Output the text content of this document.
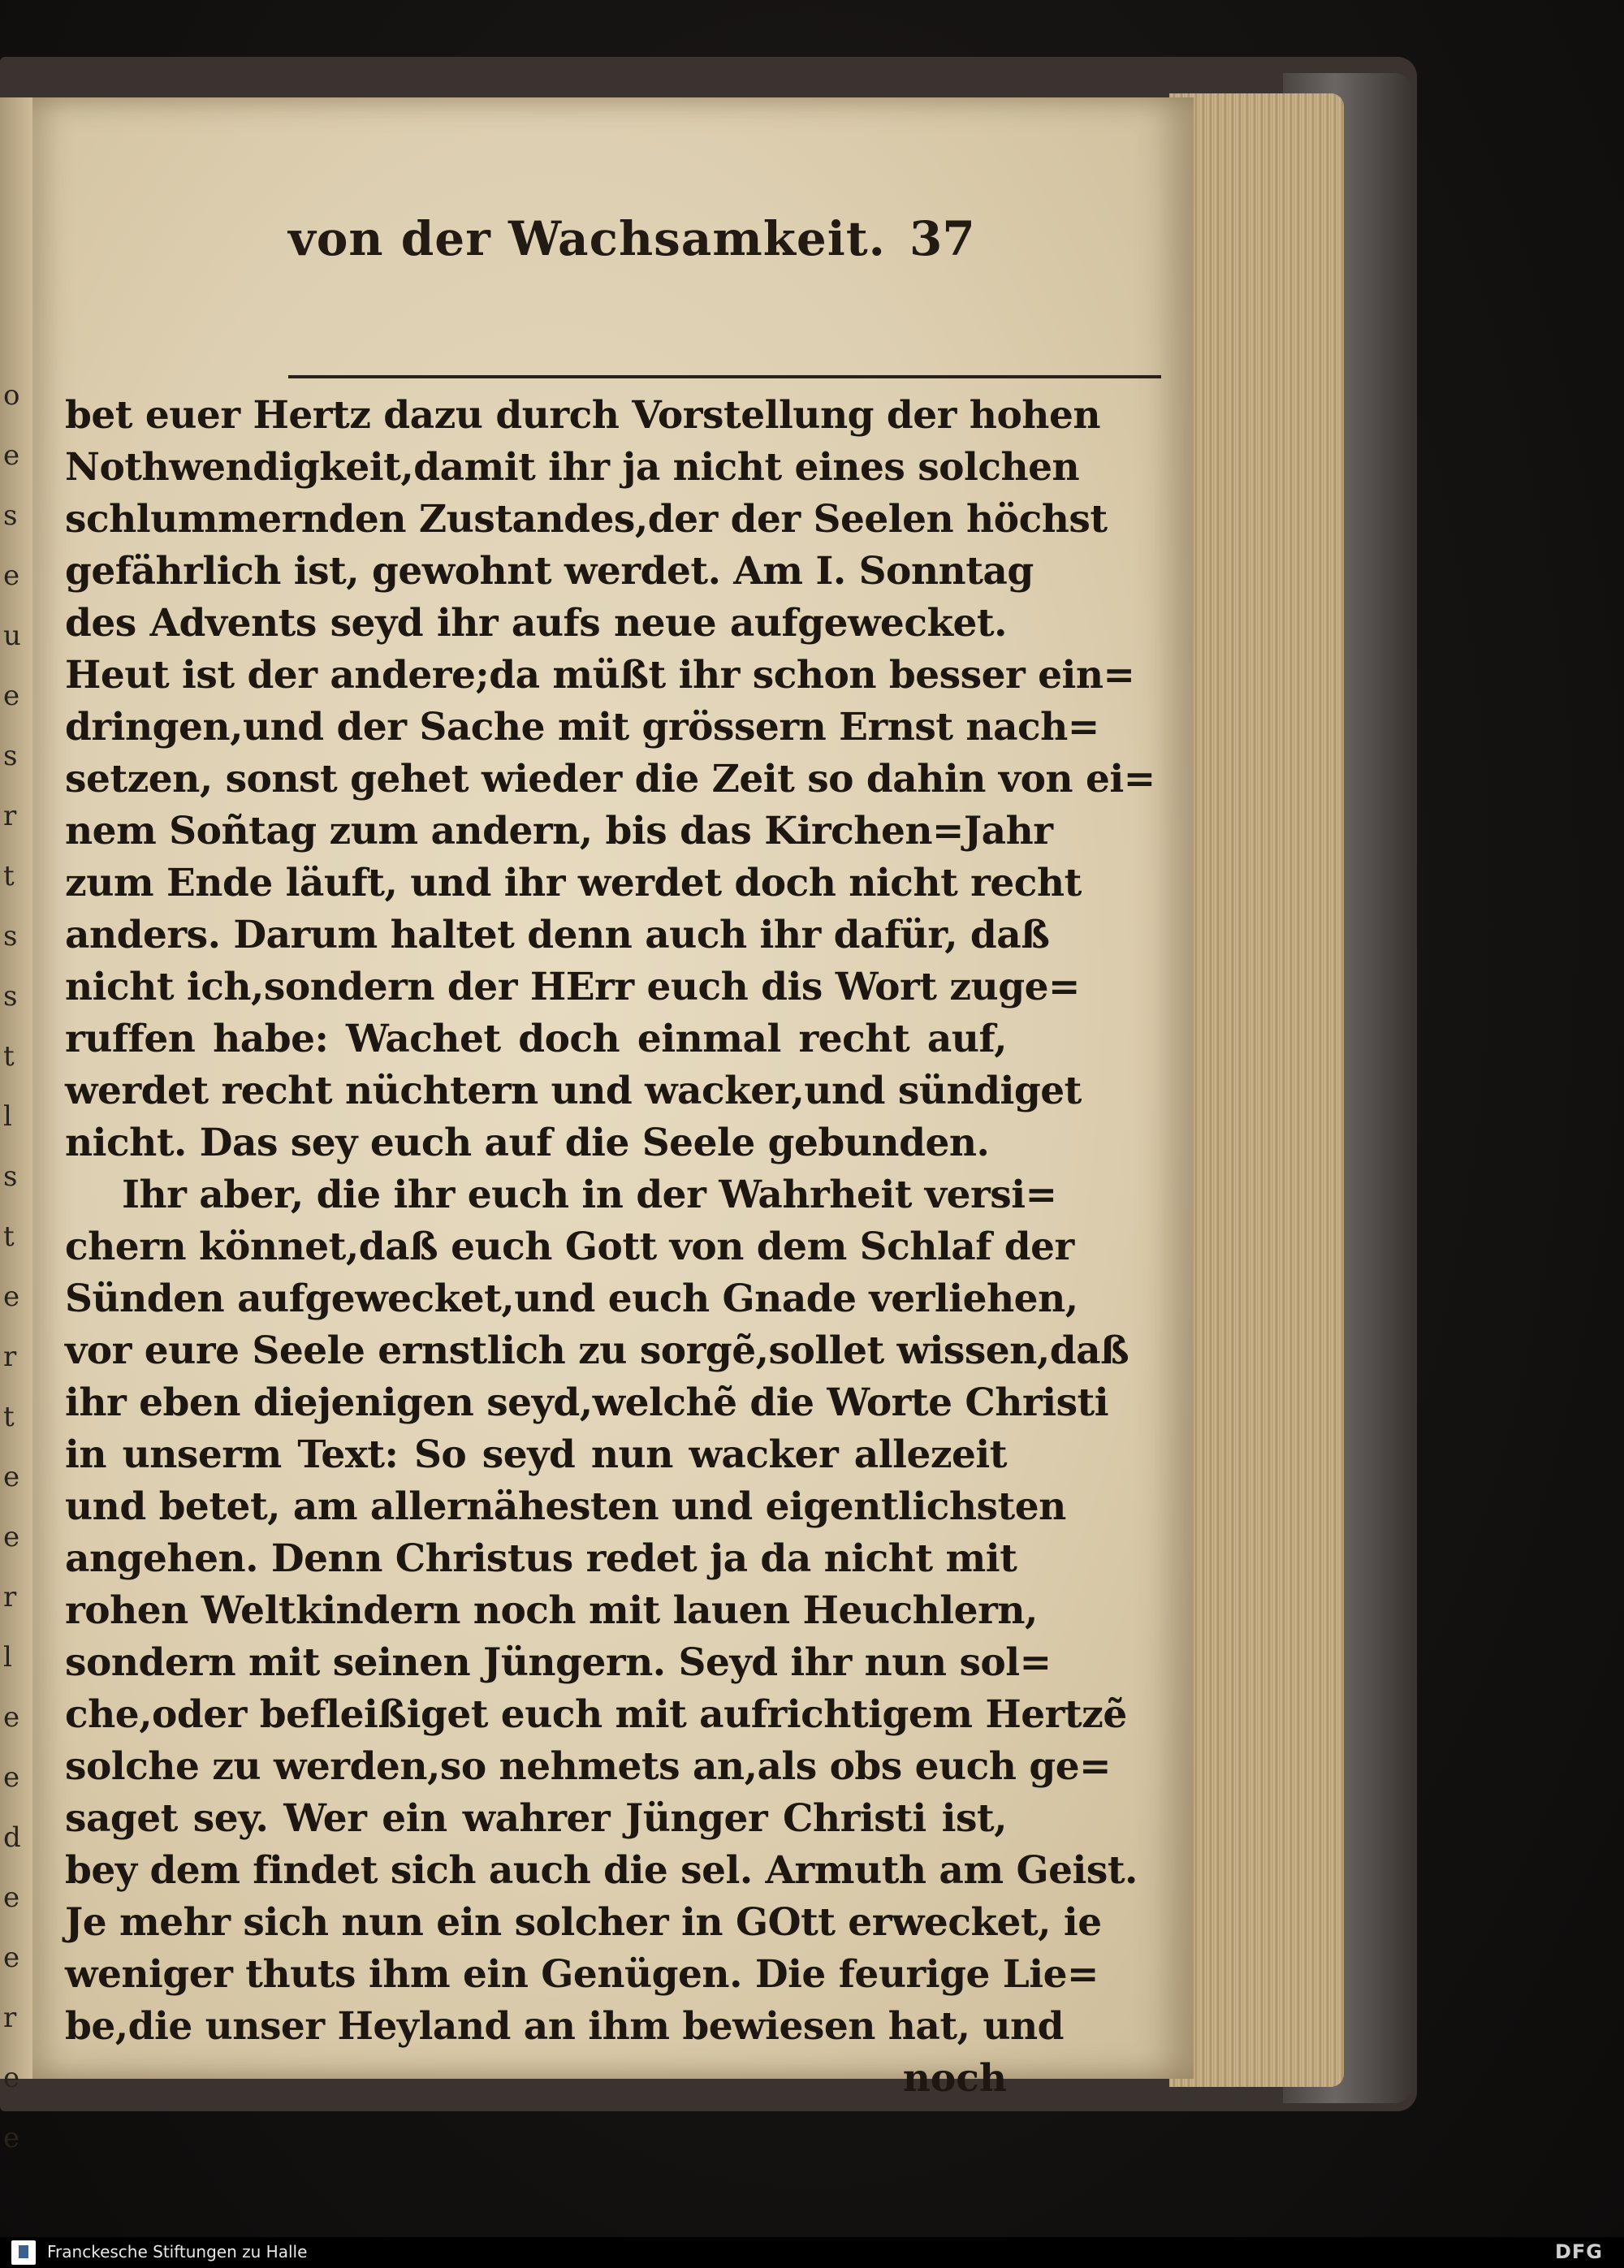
o
e
s
e
u
e
s
r
t
s
s
t
l
s
t
e
r
t
e
e
r
l
e
e
d
e
e
r
e
e
von der Wachsamkeit. 37
bet euer Hertz dazu durch Vorstellung der hohen
Nothwendigkeit,damit ihr ja nicht eines solchen
schlummernden Zustandes,der der Seelen höchst
gefährlich ist, gewohnt werdet. Am I. Sonntag
des Advents seyd ihr aufs neue aufgewecket.
Heut ist der andere;da müßt ihr schon besser ein=
dringen,und der Sache mit grössern Ernst nach=
setzen, sonst gehet wieder die Zeit so dahin von ei=
nem Soñtag zum andern, bis das Kirchen=Jahr
zum Ende läuft, und ihr werdet doch nicht recht
anders. Darum haltet denn auch ihr dafür, daß
nicht ich,sondern der HErr euch dis Wort zuge=
ruffen habe: Wachet doch einmal recht auf,
werdet recht nüchtern und wacker,und sündiget
nicht. Das sey euch auf die Seele gebunden.
Ihr aber, die ihr euch in der Wahrheit versi=
chern könnet,daß euch Gott von dem Schlaf der
Sünden aufgewecket,und euch Gnade verliehen,
vor eure Seele ernstlich zu sorgẽ,sollet wissen,daß
ihr eben diejenigen seyd,welchẽ die Worte Christi
in unserm Text: So seyd nun wacker allezeit
und betet, am allernähesten und eigentlichsten
angehen. Denn Christus redet ja da nicht mit
rohen Weltkindern noch mit lauen Heuchlern,
sondern mit seinen Jüngern. Seyd ihr nun sol=
che,oder befleißiget euch mit aufrichtigem Hertzẽ
solche zu werden,so nehmets an,als obs euch ge=
saget sey. Wer ein wahrer Jünger Christi ist,
bey dem findet sich auch die sel. Armuth am Geist.
Je mehr sich nun ein solcher in GOtt erwecket, ie
weniger thuts ihm ein Genügen. Die feurige Lie=
be,die unser Heyland an ihm bewiesen hat, und
noch
Franckesche Stiftungen zu Halle	DFG
